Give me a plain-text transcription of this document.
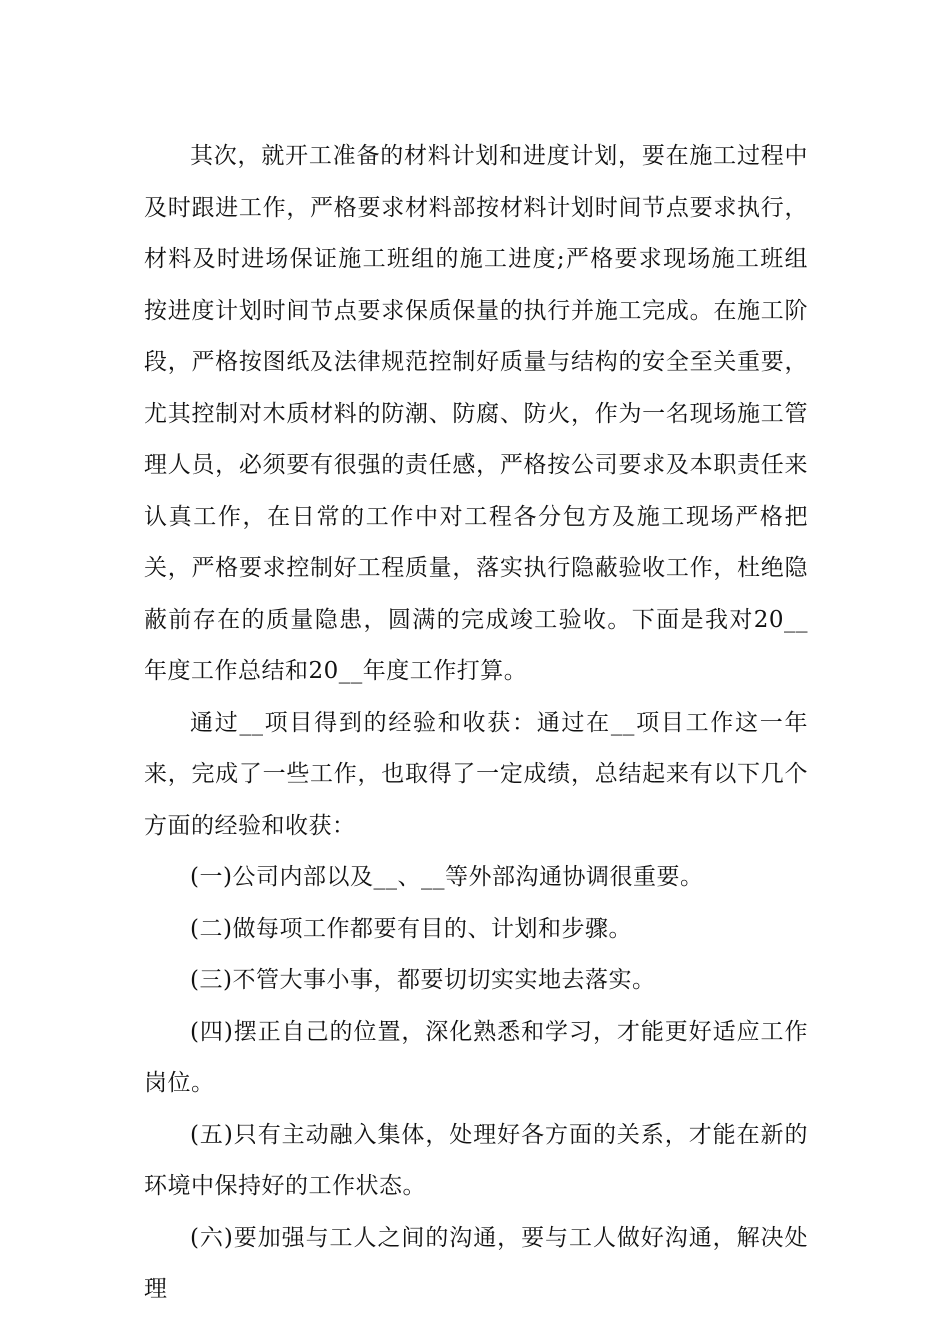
其次，就开工准备的材料计划和进度计划，要在施工过程中及时跟进工作，严格要求材料部按材料计划时间节点要求执行，材料及时进场保证施工班组的施工进度;严格要求现场施工班组按进度计划时间节点要求保质保量的执行并施工完成。在施工阶段，严格按图纸及法律规范控制好质量与结构的安全至关重要，尤其控制对木质材料的防潮、防腐、防火，作为一名现场施工管理人员，必须要有很强的责任感，严格按公司要求及本职责任来认真工作，在日常的工作中对工程各分包方及施工现场严格把关，严格要求控制好工程质量，落实执行隐蔽验收工作，杜绝隐蔽前存在的质量隐患，圆满的完成竣工验收。下面是我对20__年度工作总结和20__年度工作打算。

通过__项目得到的经验和收获：通过在__项目工作这一年来，完成了一些工作，也取得了一定成绩，总结起来有以下几个方面的经验和收获：

(一)公司内部以及__、__等外部沟通协调很重要。

(二)做每项工作都要有目的、计划和步骤。

(三)不管大事小事，都要切切实实地去落实。

(四)摆正自己的位置，深化熟悉和学习，才能更好适应工作岗位。

(五)只有主动融入集体，处理好各方面的关系，才能在新的环境中保持好的工作状态。

(六)要加强与工人之间的沟通，要与工人做好沟通，解决处理
